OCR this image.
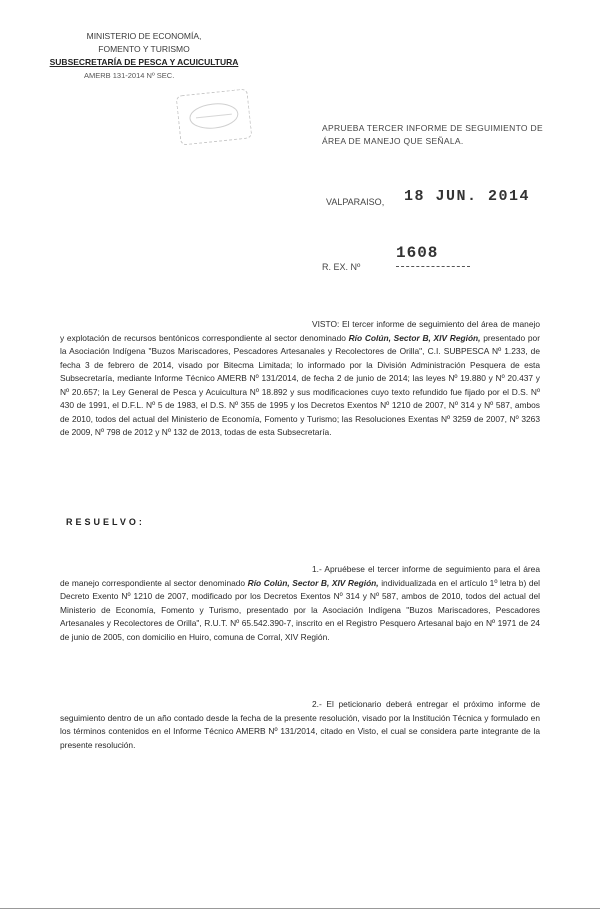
MINISTERIO DE ECONOMÍA,
FOMENTO Y TURISMO
SUBSECRETARÍA DE PESCA Y ACUICULTURA
AMERB 131-2014 Nº SEC.
APRUEBA TERCER INFORME DE SEGUIMIENTO DE ÁREA DE MANEJO QUE SEÑALA.
VALPARAISO, 18 JUN. 2014
R. EX. Nº
1608
VISTO: El tercer informe de seguimiento del área de manejo y explotación de recursos bentónicos correspondiente al sector denominado Río Colún, Sector B, XIV Región, presentado por la Asociación Indígena "Buzos Mariscadores, Pescadores Artesanales y Recolectores de Orilla", C.I. SUBPESCA Nº 1.233, de fecha 3 de febrero de 2014, visado por Bitecma Limitada; lo informado por la División Administración Pesquera de esta Subsecretaría, mediante Informe Técnico AMERB Nº 131/2014, de fecha 2 de junio de 2014; las leyes Nº 19.880 y Nº 20.437 y Nº 20.657; la Ley General de Pesca y Acuicultura Nº 18.892 y sus modificaciones cuyo texto refundido fue fijado por el D.S. Nº 430 de 1991, el D.F.L. Nº 5 de 1983, el D.S. Nº 355 de 1995 y los Decretos Exentos Nº 1210 de 2007, Nº 314 y Nº 587, ambos de 2010, todos del actual del Ministerio de Economía, Fomento y Turismo; las Resoluciones Exentas Nº 3259 de 2007, Nº 3263 de 2009, Nº 798 de 2012 y Nº 132 de 2013, todas de esta Subsecretaría.
RESUELVO:
1.- Apruébese el tercer informe de seguimiento para el área de manejo correspondiente al sector denominado Río Colún, Sector B, XIV Región, individualizada en el artículo 1º letra b) del Decreto Exento Nº 1210 de 2007, modificado por los Decretos Exentos Nº 314 y Nº 587, ambos de 2010, todos del actual del Ministerio de Economía, Fomento y Turismo, presentado por la Asociación Indígena "Buzos Mariscadores, Pescadores Artesanales y Recolectores de Orilla", R.U.T. Nº 65.542.390-7, inscrito en el Registro Pesquero Artesanal bajo en Nº 1971 de 24 de junio de 2005, con domicilio en Huiro, comuna de Corral, XIV Región.
2.- El peticionario deberá entregar el próximo informe de seguimiento dentro de un año contado desde la fecha de la presente resolución, visado por la Institución Técnica y formulado en los términos contenidos en el Informe Técnico AMERB Nº 131/2014, citado en Visto, el cual se considera parte integrante de la presente resolución.
